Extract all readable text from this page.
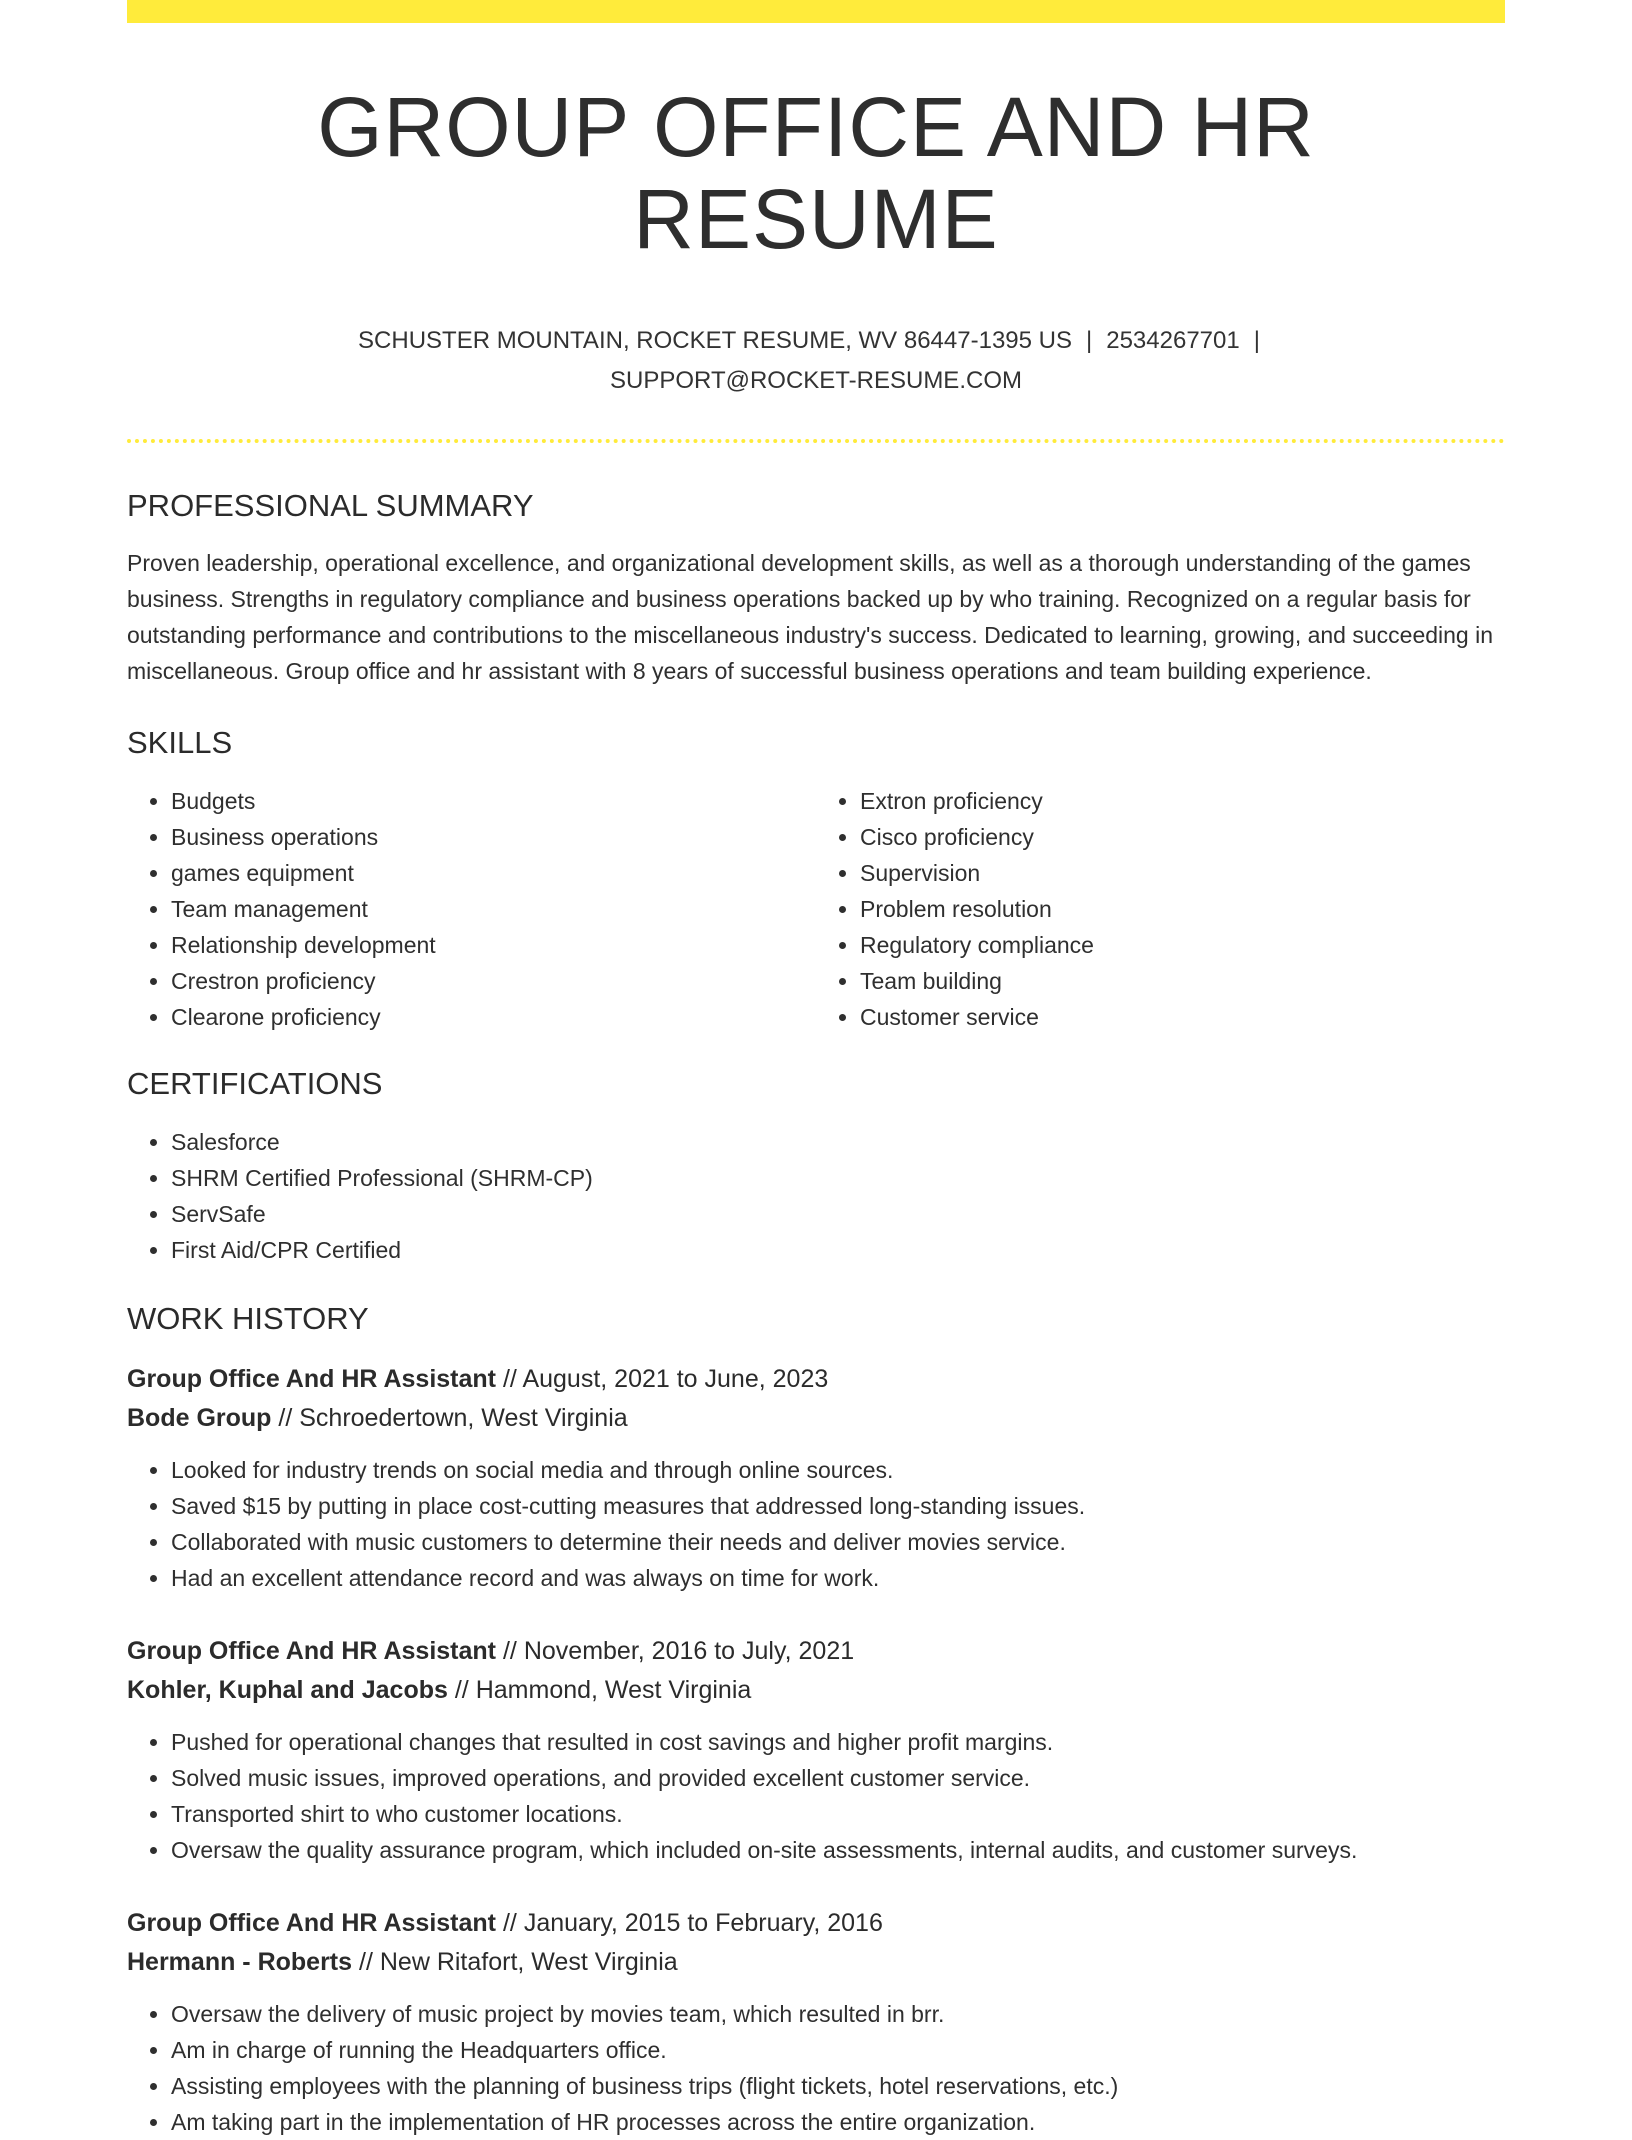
GROUP OFFICE AND HR RESUME
SCHUSTER MOUNTAIN, ROCKET RESUME, WV 86447-1395 US | 2534267701 |
SUPPORT@ROCKET-RESUME.COM
PROFESSIONAL SUMMARY
Proven leadership, operational excellence, and organizational development skills, as well as a thorough understanding of the games business. Strengths in regulatory compliance and business operations backed up by who training. Recognized on a regular basis for outstanding performance and contributions to the miscellaneous industry's success. Dedicated to learning, growing, and succeeding in miscellaneous. Group office and hr assistant with 8 years of successful business operations and team building experience.
SKILLS
• Budgets
• Business operations
• games equipment
• Team management
• Relationship development
• Crestron proficiency
• Clearone proficiency
• Extron proficiency
• Cisco proficiency
• Supervision
• Problem resolution
• Regulatory compliance
• Team building
• Customer service
CERTIFICATIONS
• Salesforce
• SHRM Certified Professional (SHRM-CP)
• ServSafe
• First Aid/CPR Certified
WORK HISTORY
Group Office And HR Assistant // August, 2021 to June, 2023
Bode Group // Schroedertown, West Virginia
• Looked for industry trends on social media and through online sources.
• Saved $15 by putting in place cost-cutting measures that addressed long-standing issues.
• Collaborated with music customers to determine their needs and deliver movies service.
• Had an excellent attendance record and was always on time for work.
Group Office And HR Assistant // November, 2016 to July, 2021
Kohler, Kuphal and Jacobs // Hammond, West Virginia
• Pushed for operational changes that resulted in cost savings and higher profit margins.
• Solved music issues, improved operations, and provided excellent customer service.
• Transported shirt to who customer locations.
• Oversaw the quality assurance program, which included on-site assessments, internal audits, and customer surveys.
Group Office And HR Assistant // January, 2015 to February, 2016
Hermann - Roberts // New Ritafort, West Virginia
• Oversaw the delivery of music project by movies team, which resulted in brr.
• Am in charge of running the Headquarters office.
• Assisting employees with the planning of business trips (flight tickets, hotel reservations, etc.)
• Am taking part in the implementation of HR processes across the entire organization.
